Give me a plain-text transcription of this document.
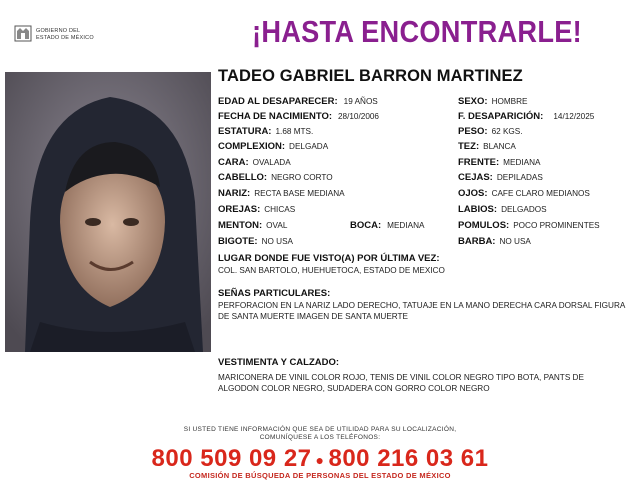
GOBIERNO DEL
ESTADO DE MÉXICO	¡HASTA ENCONTRARLE!
TADEO GABRIEL BARRON MARTINEZ
EDAD AL DESAPARECER: 19 AÑOS
FECHA DE NACIMIENTO: 28/10/2006
ESTATURA: 1.68 MTS.
COMPLEXION: DELGADA
CARA: OVALADA
CABELLO: NEGRO CORTO
NARIZ: RECTA BASE MEDIANA
OREJAS: CHICAS
MENTON: OVAL	BOCA: MEDIANA
BIGOTE: NO USA
SEXO: HOMBRE
F. DESAPARICIÓN: 14/12/2025
PESO: 62 KGS.
TEZ: BLANCA
FRENTE: MEDIANA
CEJAS: DEPILADAS
OJOS: CAFE CLARO MEDIANOS
LABIOS: DELGADOS
POMULOS: POCO PROMINENTES
BARBA: NO USA
LUGAR DONDE FUE VISTO(A) POR ÚLTIMA VEZ:
COL. SAN BARTOLO, HUEHUETOCA, ESTADO DE MEXICO
SEÑAS PARTICULARES:
PERFORACION EN LA NARIZ LADO DERECHO, TATUAJE EN LA MANO DERECHA CARA DORSAL FIGURA DE SANTA MUERTE IMAGEN DE SANTA MUERTE
VESTIMENTA Y CALZADO:
MARICONERA DE VINIL COLOR ROJO, TENIS DE VINIL COLOR NEGRO TIPO BOTA, PANTS DE ALGODON COLOR NEGRO, SUDADERA CON GORRO COLOR NEGRO
SI USTED TIENE INFORMACIÓN QUE SEA DE UTILIDAD PARA SU LOCALIZACIÓN,
COMUNÍQUESE A LOS TELÉFONOS:
800 509 09 27 ● 800 216 03 61
COMISIÓN DE BÚSQUEDA DE PERSONAS DEL ESTADO DE MÉXICO
